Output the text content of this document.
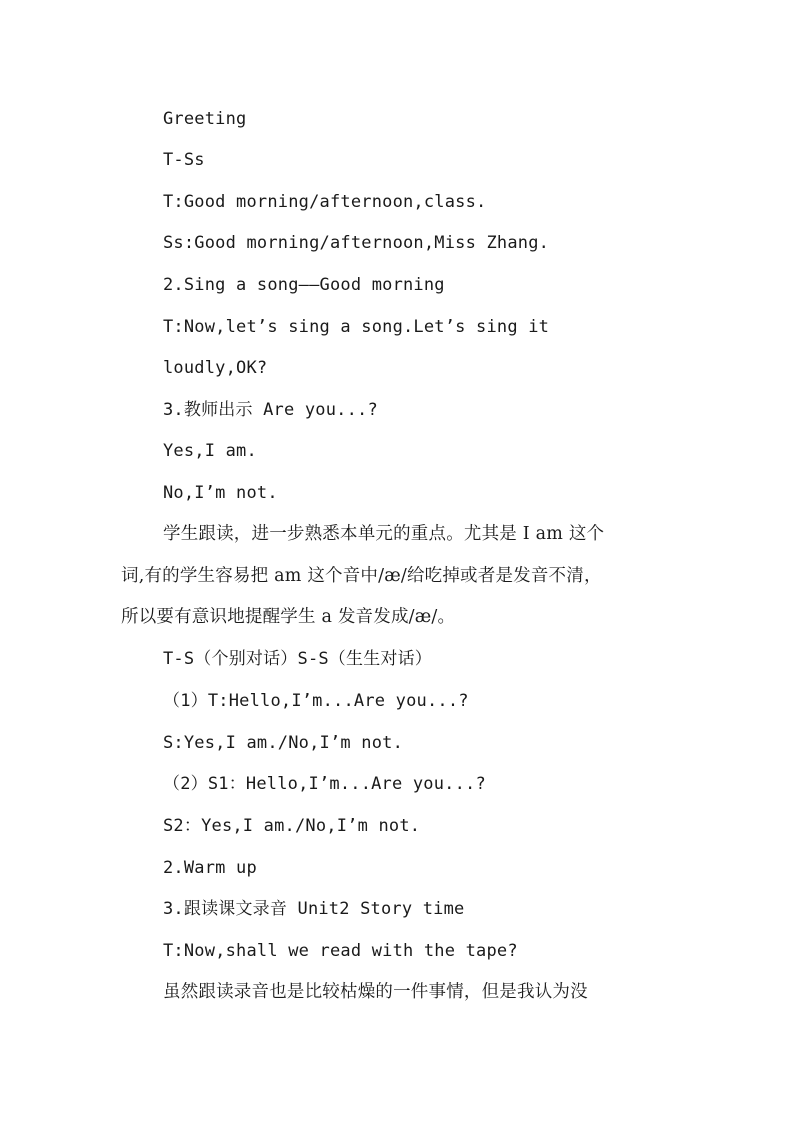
Greeting
T-Ss
T:Good morning/afternoon,class.
Ss:Good morning/afternoon,Miss Zhang.
2.Sing a song——Good morning
T:Now,let’s sing a song.Let’s sing it
loudly,OK?
3.教师出示 Are you...?
Yes,I am.
No,I’m not.
学生跟读，进一步熟悉本单元的重点。尤其是 I am 这个
词,有的学生容易把 am 这个音中/æ/给吃掉或者是发音不清，
所以要有意识地提醒学生 a 发音发成/æ/。
T-S（个别对话）S-S（生生对话）
（1）T:Hello,I’m...Are you...?
S:Yes,I am./No,I’m not.
（2）S1：Hello,I’m...Are you...?
S2：Yes,I am./No,I’m not.
2.Warm up
3.跟读课文录音 Unit2 Story time
T:Now,shall we read with the tape?
虽然跟读录音也是比较枯燥的一件事情，但是我认为没
